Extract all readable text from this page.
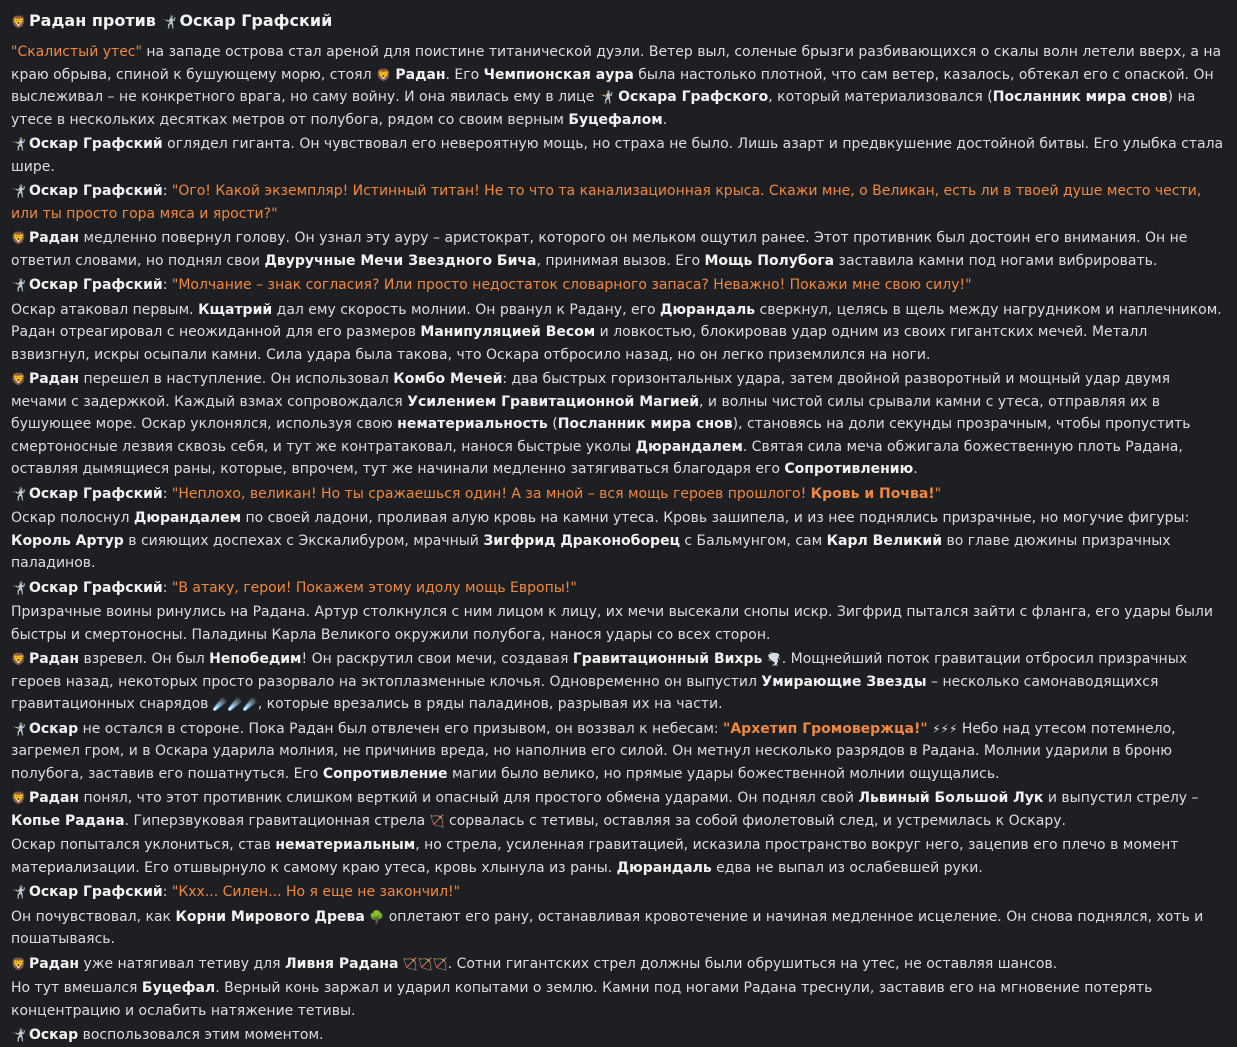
🦁 Радан против 🤺 Оскар Графский

"Скалистый утес" на западе острова стал ареной для поистине титанической дуэли. Ветер выл, соленые брызги разбивающихся о скалы волн летели вверх, а на краю обрыва, спиной к бушующему морю, стоял 🦁 Радан. Его Чемпионская аура была настолько плотной, что сам ветер, казалось, обтекал его с опаской. Он выслеживал – не конкретного врага, но саму войну. И она явилась ему в лице 🤺 Оскара Графского, который материализовался (Посланник мира снов) на утесе в нескольких десятках метров от полубога, рядом со своим верным Буцефалом.

🤺 Оскар Графский оглядел гиганта. Он чувствовал его невероятную мощь, но страха не было. Лишь азарт и предвкушение достойной битвы. Его улыбка стала шире.

🤺 Оскар Графский: "Ого! Какой экземпляр! Истинный титан! Не то что та канализационная крыса. Скажи мне, о Великан, есть ли в твоей душе место чести, или ты просто гора мяса и ярости?"

🦁 Радан медленно повернул голову. Он узнал эту ауру – аристократ, которого он мельком ощутил ранее. Этот противник был достоин его внимания. Он не ответил словами, но поднял свои Двуручные Мечи Звездного Бича, принимая вызов. Его Мощь Полубога заставила камни под ногами вибрировать.

🤺 Оскар Графский: "Молчание – знак согласия? Или просто недостаток словарного запаса? Неважно! Покажи мне свою силу!"

Оскар атаковал первым. Кщатрий дал ему скорость молнии. Он рванул к Радану, его Дюрандаль сверкнул, целясь в щель между нагрудником и наплечником. Радан отреагировал с неожиданной для его размеров Манипуляцией Весом и ловкостью, блокировав удар одним из своих гигантских мечей. Металл взвизгнул, искры осыпали камни. Сила удара была такова, что Оскара отбросило назад, но он легко приземлился на ноги.

🦁 Радан перешел в наступление. Он использовал Комбо Мечей: два быстрых горизонтальных удара, затем двойной разворотный и мощный удар двумя мечами с задержкой. Каждый взмах сопровождался Усилением Гравитационной Магией, и волны чистой силы срывали камни с утеса, отправляя их в бушующее море. Оскар уклонялся, используя свою нематериальность (Посланник мира снов), становясь на доли секунды прозрачным, чтобы пропустить смертоносные лезвия сквозь себя, и тут же контратаковал, нанося быстрые уколы Дюрандалем. Святая сила меча обжигала божественную плоть Радана, оставляя дымящиеся раны, которые, впрочем, тут же начинали медленно затягиваться благодаря его Сопротивлению.

🤺 Оскар Графский: "Неплохо, великан! Но ты сражаешься один! А за мной – вся мощь героев прошлого! Кровь и Почва!"

Оскар полоснул Дюрандалем по своей ладони, проливая алую кровь на камни утеса. Кровь зашипела, и из нее поднялись призрачные, но могучие фигуры: Король Артур в сияющих доспехах с Экскалибуром, мрачный Зигфрид Драконоборец с Бальмунгом, сам Карл Великий во главе дюжины призрачных паладинов.

🤺 Оскар Графский: "В атаку, герои! Покажем этому идолу мощь Европы!"

Призрачные воины ринулись на Радана. Артур столкнулся с ним лицом к лицу, их мечи высекали снопы искр. Зигфрид пытался зайти с фланга, его удары были быстры и смертоносны. Паладины Карла Великого окружили полубога, нанося удары со всех сторон.

🦁 Радан взревел. Он был Непобедим! Он раскрутил свои мечи, создавая Гравитационный Вихрь 🌪️. Мощнейший поток гравитации отбросил призрачных героев назад, некоторых просто разорвало на эктоплазменные клочья. Одновременно он выпустил Умирающие Звезды – несколько самонаводящихся гравитационных снарядов ☄️☄️☄️, которые врезались в ряды паладинов, разрывая их на части.

🤺 Оскар не остался в стороне. Пока Радан был отвлечен его призывом, он воззвал к небесам: "Архетип Громовержца!" ⚡⚡⚡ Небо над утесом потемнело, загремел гром, и в Оскара ударила молния, не причинив вреда, но наполнив его силой. Он метнул несколько разрядов в Радана. Молнии ударили в броню полубога, заставив его пошатнуться. Его Сопротивление магии было велико, но прямые удары божественной молнии ощущались.

🦁 Радан понял, что этот противник слишком верткий и опасный для простого обмена ударами. Он поднял свой Львиный Большой Лук и выпустил стрелу – Копье Радана. Гиперзвуковая гравитационная стрела 🏹 сорвалась с тетивы, оставляя за собой фиолетовый след, и устремилась к Оскару.

Оскар попытался уклониться, став нематериальным, но стрела, усиленная гравитацией, исказила пространство вокруг него, зацепив его плечо в момент материализации. Его отшвырнуло к самому краю утеса, кровь хлынула из раны. Дюрандаль едва не выпал из ослабевшей руки.

🤺 Оскар Графский: "Кхх... Силен... Но я еще не закончил!"

Он почувствовал, как Корни Мирового Древа 🌳 оплетают его рану, останавливая кровотечение и начиная медленное исцеление. Он снова поднялся, хоть и пошатываясь.

🦁 Радан уже натягивал тетиву для Ливня Радана 🏹🏹🏹. Сотни гигантских стрел должны были обрушиться на утес, не оставляя шансов.

Но тут вмешался Буцефал. Верный конь заржал и ударил копытами о землю. Камни под ногами Радана треснули, заставив его на мгновение потерять концентрацию и ослабить натяжение тетивы.

🤺 Оскар воспользовался этим моментом.
